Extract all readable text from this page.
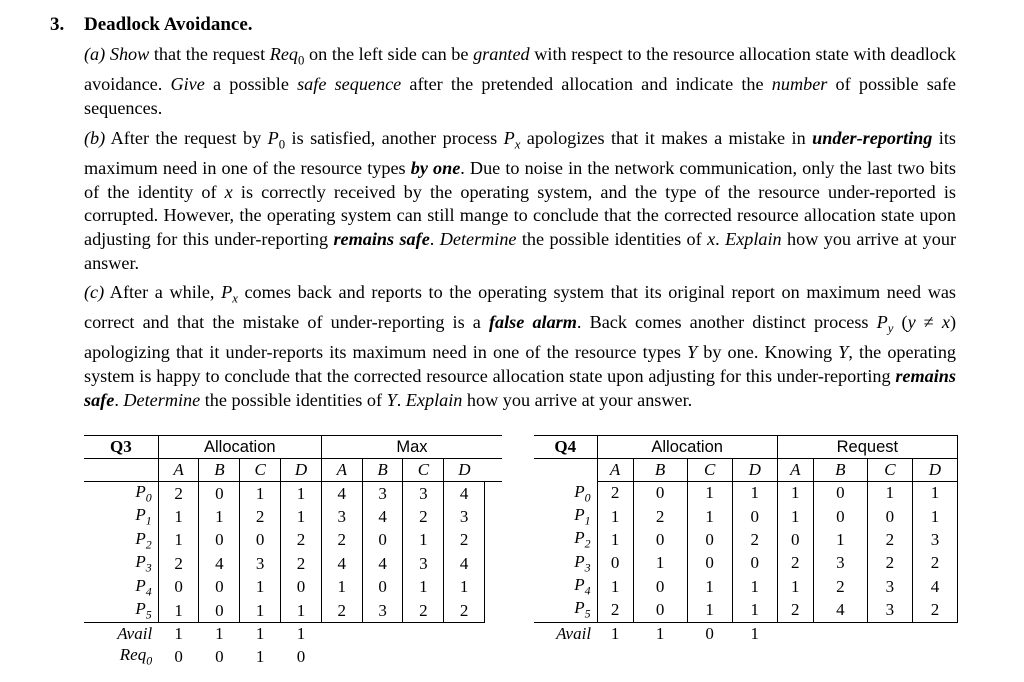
3. Deadlock Avoidance.
(a) Show that the request Req$_0$ on the left side can be granted with respect to the resource allocation state with deadlock avoidance. Give a possible safe sequence after the pretended allocation and indicate the number of possible safe sequences.
(b) After the request by $P_0$ is satisfied, another process $P_x$ apologizes that it makes a mistake in under-reporting its maximum need in one of the resource types by one. Due to noise in the network communication, only the last two bits of the identity of x is correctly received by the operating system, and the type of the resource under-reported is corrupted. However, the operating system can still mange to conclude that the corrected resource allocation state upon adjusting for this under-reporting remains safe. Determine the possible identities of x. Explain how you arrive at your answer.
(c) After a while, $P_x$ comes back and reports to the operating system that its original report on maximum need was correct and that the mistake of under-reporting is a false alarm. Back comes another distinct process $P_y$ (y ≠ x) apologizing that it under-reports its maximum need in one of the resource types Y by one. Knowing Y, the operating system is happy to conclude that the corrected resource allocation state upon adjusting for this under-reporting remains safe. Determine the possible identities of Y. Explain how you arrive at your answer.
Q3	Allocation				Max				
	A	B	C	D	A	B	C	D	
$P_0$	2	0	1	1	4	3	3	4	
$P_1$	1	1	2	1	3	4	2	3	
$P_2$	1	0	0	2	2	0	1	2	
$P_3$	2	4	3	2	4	4	3	4	
$P_4$	0	0	1	0	1	0	1	1	
$P_5$	1	0	1	1	2	3	2	2	
Avail	1	1	1	1					
Req$_0$	0	0	1	0					
Q4	Allocation				Request			
	A	B	C	D	A	B	C	D
$P_0$	2	0	1	1	1	0	1	1
$P_1$	1	2	1	0	1	0	0	1
$P_2$	1	0	0	2	0	1	2	3
$P_3$	0	1	0	0	2	3	2	2
$P_4$	1	0	1	1	1	2	3	4
$P_5$	2	0	1	1	2	4	3	2
Avail	1	1	0	1				
